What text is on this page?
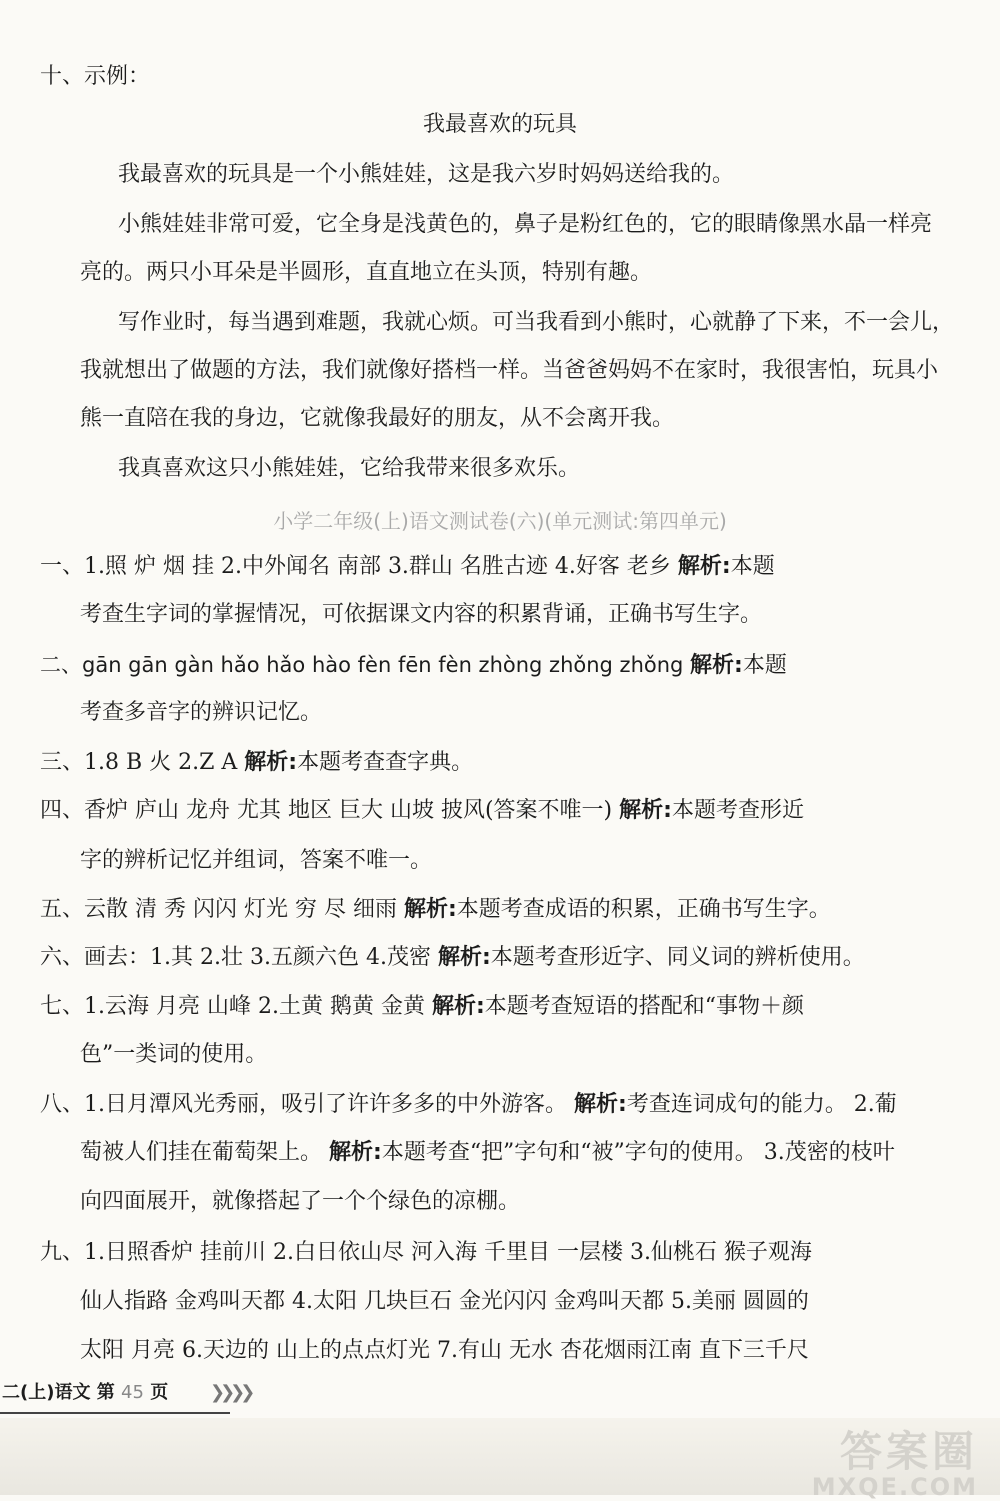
十、示例：
我最喜欢的玩具
我最喜欢的玩具是一个小熊娃娃，这是我六岁时妈妈送给我的。
小熊娃娃非常可爱，它全身是浅黄色的，鼻子是粉红色的，它的眼睛像黑水晶一样亮
亮的。两只小耳朵是半圆形，直直地立在头顶，特别有趣。
写作业时，每当遇到难题，我就心烦。可当我看到小熊时，心就静了下来，不一会儿，
我就想出了做题的方法，我们就像好搭档一样。当爸爸妈妈不在家时，我很害怕，玩具小
熊一直陪在我的身边，它就像我最好的朋友，从不会离开我。
我真喜欢这只小熊娃娃，它给我带来很多欢乐。
小学二年级(上)语文测试卷(六)(单元测试:第四单元)
一、1.照 炉 烟 挂 2.中外闻名 南部 3.群山 名胜古迹 4.好客 老乡 解析:本题
考查生字词的掌握情况，可依据课文内容的积累背诵，正确书写生字。
二、gān gān gàn hǎo hǎo hào fèn fēn fèn zhòng zhǒng zhǒng 解析:本题
考查多音字的辨识记忆。
三、1.8 B 火 2.Z A 解析:本题考查查字典。
四、香炉 庐山 龙舟 尤其 地区 巨大 山坡 披风(答案不唯一) 解析:本题考查形近
字的辨析记忆并组词，答案不唯一。
五、云散 清 秀 闪闪 灯光 穷 尽 细雨 解析:本题考查成语的积累，正确书写生字。
六、画去：1.其 2.壮 3.五颜六色 4.茂密 解析:本题考查形近字、同义词的辨析使用。
七、1.云海 月亮 山峰 2.土黄 鹅黄 金黄 解析:本题考查短语的搭配和“事物＋颜
色”一类词的使用。
八、1.日月潭风光秀丽，吸引了许许多多的中外游客。 解析:考查连词成句的能力。 2.葡
萄被人们挂在葡萄架上。 解析:本题考查“把”字句和“被”字句的使用。 3.茂密的枝叶
向四面展开，就像搭起了一个个绿色的凉棚。
九、1.日照香炉 挂前川 2.白日依山尽 河入海 千里目 一层楼 3.仙桃石 猴子观海
仙人指路 金鸡叫天都 4.太阳 几块巨石 金光闪闪 金鸡叫天都 5.美丽 圆圆的
太阳 月亮 6.天边的 山上的点点灯光 7.有山 无水 杏花烟雨江南 直下三千尺
二(上)语文 第 45 页 ❯❯❯❯
答案圈
MXQE.COM
